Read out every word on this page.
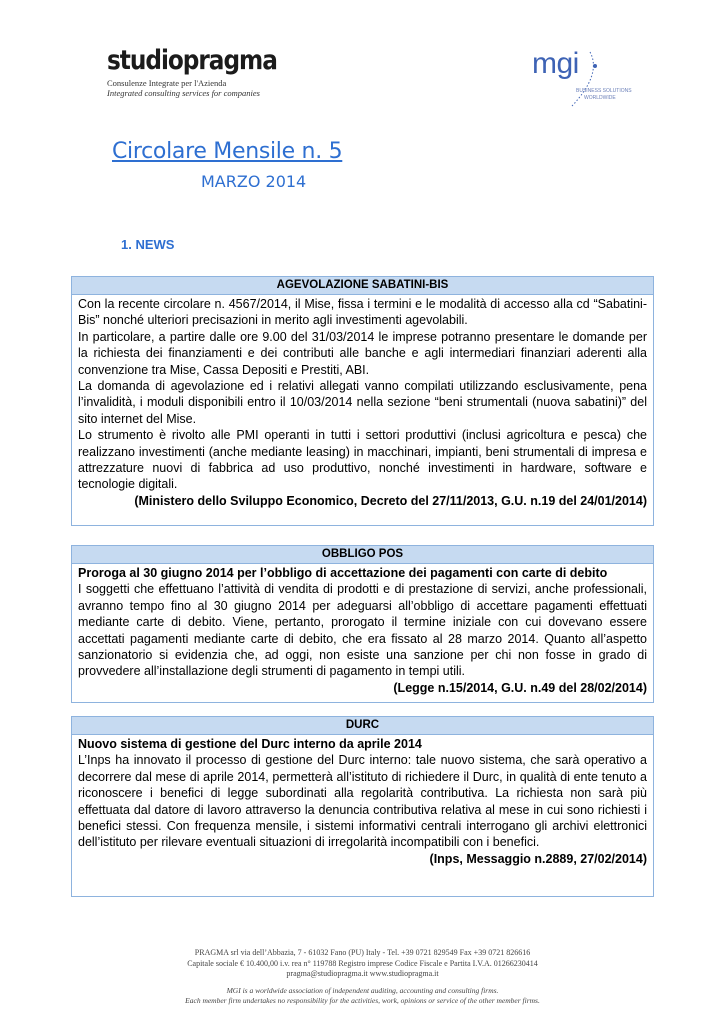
studiopragma
Consulenze Integrate per l'Azienda
Integrated consulting services for companies
mgi
BUSINESS SOLUTIONS
WORLDWIDE
Circolare Mensile n. 5
MARZO 2014
1. NEWS
AGEVOLAZIONE SABATINI-BIS

Con la recente circolare n. 4567/2014, il Mise, fissa i termini e le modalità di accesso alla cd “Sabatini-Bis” nonché ulteriori precisazioni in merito agli investimenti agevolabili.

In particolare, a partire dalle ore 9.00 del 31/03/2014 le imprese potranno presentare le domande per la richiesta dei finanziamenti e dei contributi alle banche e agli intermediari finanziari aderenti alla convenzione tra Mise, Cassa Depositi e Prestiti, ABI.

La domanda di agevolazione ed i relativi allegati vanno compilati utilizzando esclusivamente, pena l’invalidità, i moduli disponibili entro il 10/03/2014 nella sezione “beni strumentali (nuova sabatini)” del sito internet del Mise.

Lo strumento è rivolto alle PMI operanti in tutti i settori produttivi (inclusi agricoltura e pesca) che realizzano investimenti (anche mediante leasing) in macchinari, impianti, beni strumentali di impresa e attrezzature nuovi di fabbrica ad uso produttivo, nonché investimenti in hardware, software e tecnologie digitali.

(Ministero dello Sviluppo Economico, Decreto del 27/11/2013, G.U. n.19 del 24/01/2014)

OBBLIGO POS

Proroga al 30 giugno 2014 per l’obbligo di accettazione dei pagamenti con carte di debito

I soggetti che effettuano l’attività di vendita di prodotti e di prestazione di servizi, anche professionali, avranno tempo fino al 30 giugno 2014 per adeguarsi all’obbligo di accettare pagamenti effettuati mediante carte di debito. Viene, pertanto, prorogato il termine iniziale con cui dovevano essere accettati pagamenti mediante carte di debito, che era fissato al 28 marzo 2014. Quanto all’aspetto sanzionatorio si evidenzia che, ad oggi, non esiste una sanzione per chi non fosse in grado di provvedere all’installazione degli strumenti di pagamento in tempi utili.

(Legge n.15/2014, G.U. n.49 del 28/02/2014)

DURC

Nuovo sistema di gestione del Durc interno da aprile 2014

L’Inps ha innovato il processo di gestione del Durc interno: tale nuovo sistema, che sarà operativo a decorrere dal mese di aprile 2014, permetterà all’istituto di richiedere il Durc, in qualità di ente tenuto a riconoscere i benefici di legge subordinati alla regolarità contributiva. La richiesta non sarà più effettuata dal datore di lavoro attraverso la denuncia contributiva relativa al mese in cui sono richiesti i benefici stessi. Con frequenza mensile, i sistemi informativi centrali interrogano gli archivi elettronici dell’istituto per rilevare eventuali situazioni di irregolarità incompatibili con i benefici.

(Inps, Messaggio n.2889, 27/02/2014)

PRAGMA srl via dell’Abbazia, 7 - 61032 Fano (PU) Italy - Tel. +39 0721 829549 Fax +39 0721 826616
Capitale sociale € 10.400,00 i.v. rea n° 119788 Registro imprese Codice Fiscale e Partita I.V.A. 01266230414
pragma@studiopragma.it www.studiopragma.it
MGI is a worldwide association of independent auditing, accounting and consulting firms.
Each member firm undertakes no responsibility for the activities, work, opinions or service of the other member firms.
